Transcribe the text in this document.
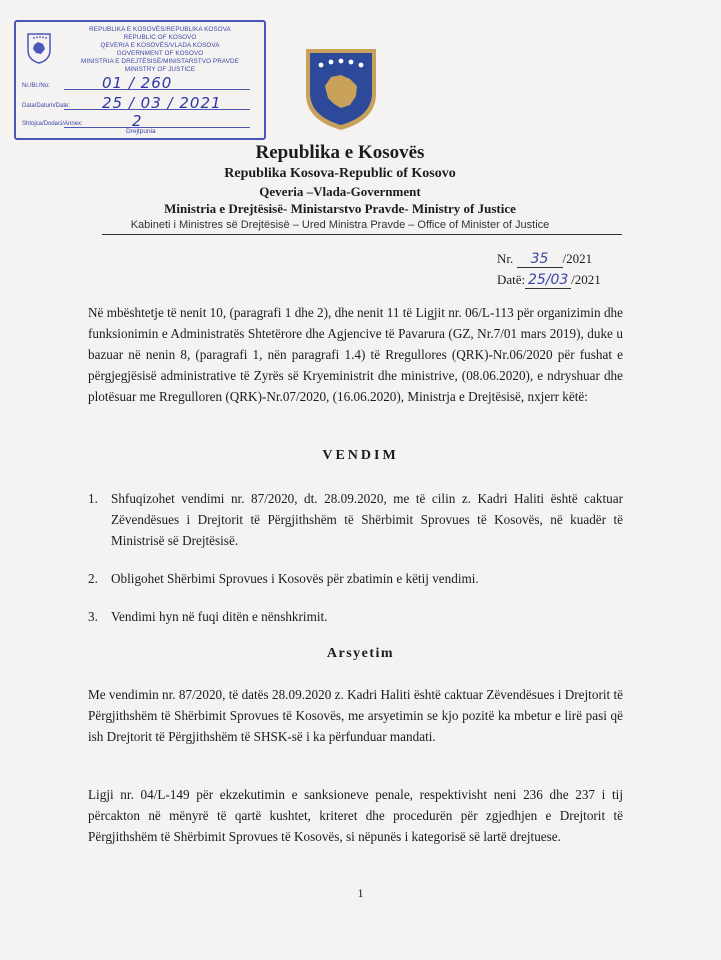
REPUBLIKA E KOSOVËS/REPUBLIKA KOSOVA
REPUBLIC OF KOSOVO
QEVERIA E KOSOVËS/VLADA KOSOVA
GOVERNMENT OF KOSOVO
MINISTRIA E DREJTËSISË/MINISTARSTVO PRAVDE
MINISTRY OF JUSTICE
Nr./Br./No:	01 / 260
Data/Datum/Date: 25 / 03 / 2021
Shtojca/Dodaci/Annex:	2
Drejtpunia
Republika e Kosovës
Republika Kosova-Republic of Kosovo
Qeveria –Vlada-Government
Ministria e Drejtësisë- Ministarstvo Pravde- Ministry of Justice
Kabineti i Ministres së Drejtësisë – Ured Ministra Pravde – Office of Minister of Justice
Nr. 35 /2021
Datë: 25/03 /2021
Në mbështetje të nenit 10, (paragrafi 1 dhe 2), dhe nenit 11 të Ligjit nr. 06/L-113 për organizimin dhe funksionimin e Administratës Shtetërore dhe Agjencive të Pavarura (GZ, Nr.7/01 mars 2019), duke u bazuar në nenin 8, (paragrafi 1, nën paragrafi 1.4) të Rregullores (QRK)-Nr.06/2020 për fushat e përgjegjësisë administrative të Zyrës së Kryeministrit dhe ministrive, (08.06.2020), e ndryshuar dhe plotësuar me Rregulloren (QRK)-Nr.07/2020, (16.06.2020), Ministrja e Drejtësisë, nxjerr këtë:
VENDIM
1. Shfuqizohet vendimi nr. 87/2020, dt. 28.09.2020, me të cilin z. Kadri Haliti është caktuar Zëvendësues i Drejtorit të Përgjithshëm të Shërbimit Sprovues të Kosovës, në kuadër të Ministrisë së Drejtësisë.
2. Obligohet Shërbimi Sprovues i Kosovës për zbatimin e këtij vendimi.
3. Vendimi hyn në fuqi ditën e nënshkrimit.
Arsyetim
Me vendimin nr. 87/2020, të datës 28.09.2020 z. Kadri Haliti është caktuar Zëvendësues i Drejtorit të Përgjithshëm të Shërbimit Sprovues të Kosovës, me arsyetimin se kjo pozitë ka mbetur e lirë pasi që ish Drejtorit të Përgjithshëm të SHSK-së i ka përfunduar mandati.
Ligji nr. 04/L-149 për ekzekutimin e sanksioneve penale, respektivisht neni 236 dhe 237 i tij përcakton në mënyrë të qartë kushtet, kriteret dhe procedurën për zgjedhjen e Drejtorit të Përgjithshëm të Shërbimit Sprovues të Kosovës, si nëpunës i kategorisë së lartë drejtuese.
1
